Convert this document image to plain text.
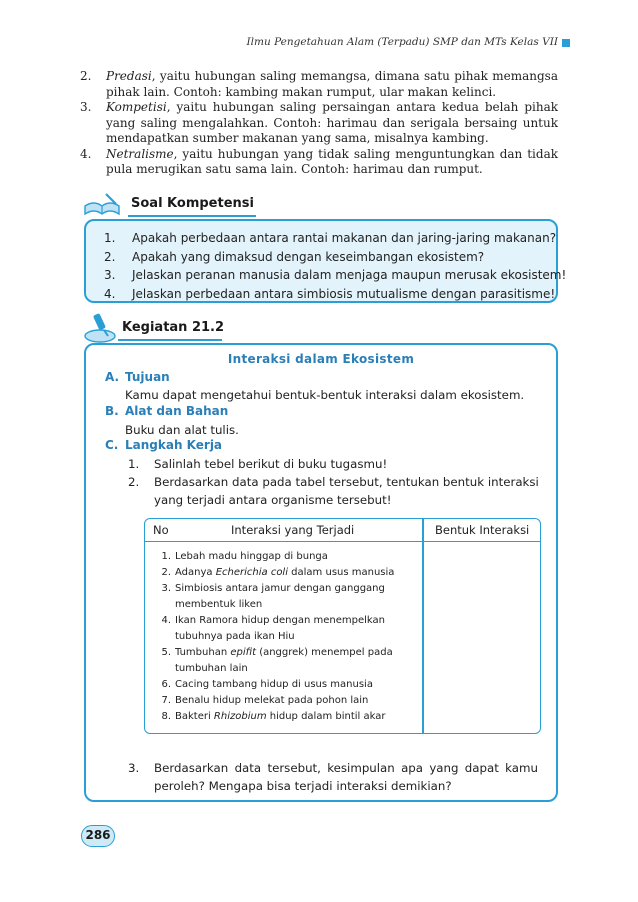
Ilmu Pengetahuan Alam (Terpadu) SMP dan MTs Kelas VII
2. Predasi, yaitu hubungan saling memangsa, dimana satu pihak memangsa pihak lain. Contoh: kambing makan rumput, ular makan kelinci.
3. Kompetisi, yaitu hubungan saling persaingan antara kedua belah pihak yang saling mengalahkan. Contoh: harimau dan serigala bersaing untuk mendapatkan sumber makanan yang sama, misalnya kambing.
4. Netralisme, yaitu hubungan yang tidak saling menguntungkan dan tidak pula merugikan satu sama lain. Contoh: harimau dan rumput.
Soal Kompetensi
1. Apakah perbedaan antara rantai makanan dan jaring-jaring makanan?
2. Apakah yang dimaksud dengan keseimbangan ekosistem?
3. Jelaskan peranan manusia dalam menjaga maupun merusak ekosistem!
4. Jelaskan perbedaan antara simbiosis mutualisme dengan parasitisme!
Kegiatan 21.2
Interaksi dalam Ekosistem
A. Tujuan
Kamu dapat mengetahui bentuk-bentuk interaksi dalam ekosistem.
B. Alat dan Bahan
Buku dan alat tulis.
C. Langkah Kerja
1. Salinlah tebel berikut di buku tugasmu!
2. Berdasarkan data pada tabel tersebut, tentukan bentuk interaksi yang terjadi antara organisme tersebut!
No	Interaksi yang Terjadi	Bentuk Interaksi
1. Lebah madu hinggap di bunga
2. Adanya Echerichia coli dalam usus manusia
3. Simbiosis antara jamur dengan ganggang membentuk liken
4. Ikan Ramora hidup dengan menempelkan tubuhnya pada ikan Hiu
5. Tumbuhan epifit (anggrek) menempel pada tumbuhan lain
6. Cacing tambang hidup di usus manusia
7. Benalu hidup melekat pada pohon lain
8. Bakteri Rhizobium hidup dalam bintil akar
3. Berdasarkan data tersebut, kesimpulan apa yang dapat kamu peroleh? Mengapa bisa terjadi interaksi demikian?
286
